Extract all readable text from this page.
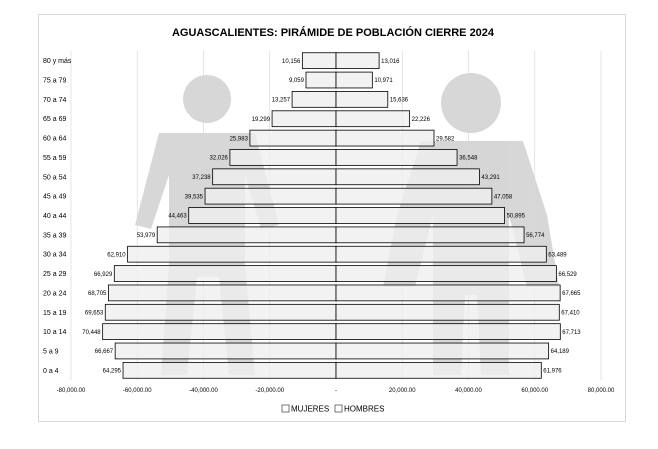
AGUASCALIENTES: PIRÁMIDE DE POBLACIÓN CIERRE 2024
0 a 4
5 a 9
10 a 14
15 a 19
20 a 24
25 a 29
30 a 34
35 a 39
40 a 44
45 a 49
50 a 54
55 a 59
60 a 64
65 a 69
70 a 74
75 a 79
80 y más
-80,000.00	-60,000.00	-40,000.00	-20,000.00	-	20,000.00	40,000.00	60,000.00	80,000.00
64,295
66,667
70,448
69,653
68,705
66,929
62,910
53,979
44,463
39,535
37,238
32,026
25,983
19,299
13,257
9,059
10,156
61,976
64,189
67,713
67,410
67,665
66,529
63,489
56,774
50,895
47,058
43,291
36,548
29,582
22,226
15,636
10,971
13,016
MUJERES HOMBRES
